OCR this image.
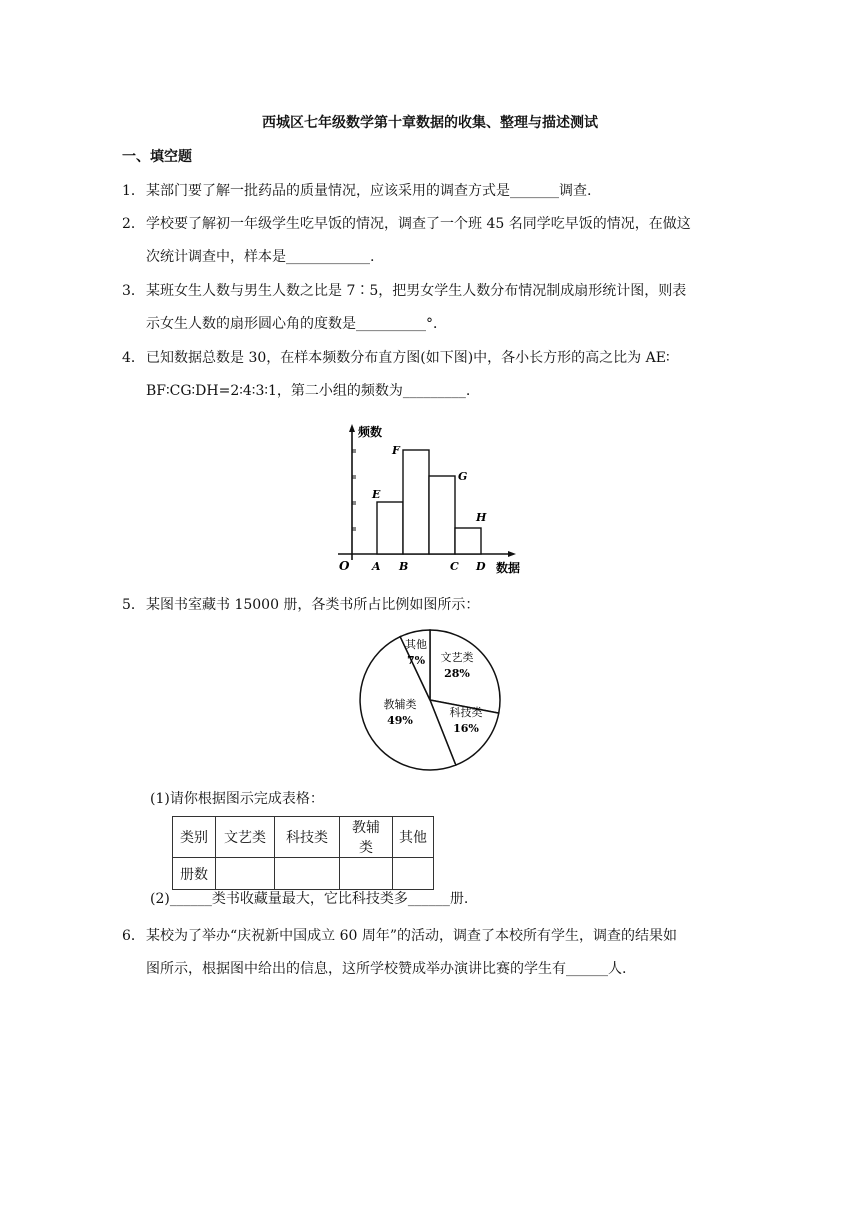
西城区七年级数学第十章数据的收集、整理与描述测试
一、填空题
1．某部门要了解一批药品的质量情况，应该采用的调查方式是_______调查.
2．学校要了解初一年级学生吃早饭的情况，调查了一个班 45 名同学吃早饭的情况，在做这
次统计调查中，样本是____________.
3．某班女生人数与男生人数之比是 7∶5，把男女学生人数分布情况制成扇形统计图，则表
示女生人数的扇形圆心角的度数是__________°．
4．已知数据总数是 30，在样本频数分布直方图(如下图)中，各小长方形的高之比为 AE∶
BF∶CG∶DH=2∶4∶3∶1，第二小组的频数为_________.
频数
数据
O A B	C D
E
F
G
H
5．某图书室藏书 15000 册，各类书所占比例如图所示：
文艺类
28%
科技类
16%
教辅类
49%
其他
7%
(1)请你根据图示完成表格：
类别	文艺类	科技类	教辅类	其他
册数				
(2)______类书收藏量最大，它比科技类多______册.
6．某校为了举办“庆祝新中国成立 60 周年”的活动，调查了本校所有学生，调查的结果如
图所示，根据图中给出的信息，这所学校赞成举办演讲比赛的学生有______人.
